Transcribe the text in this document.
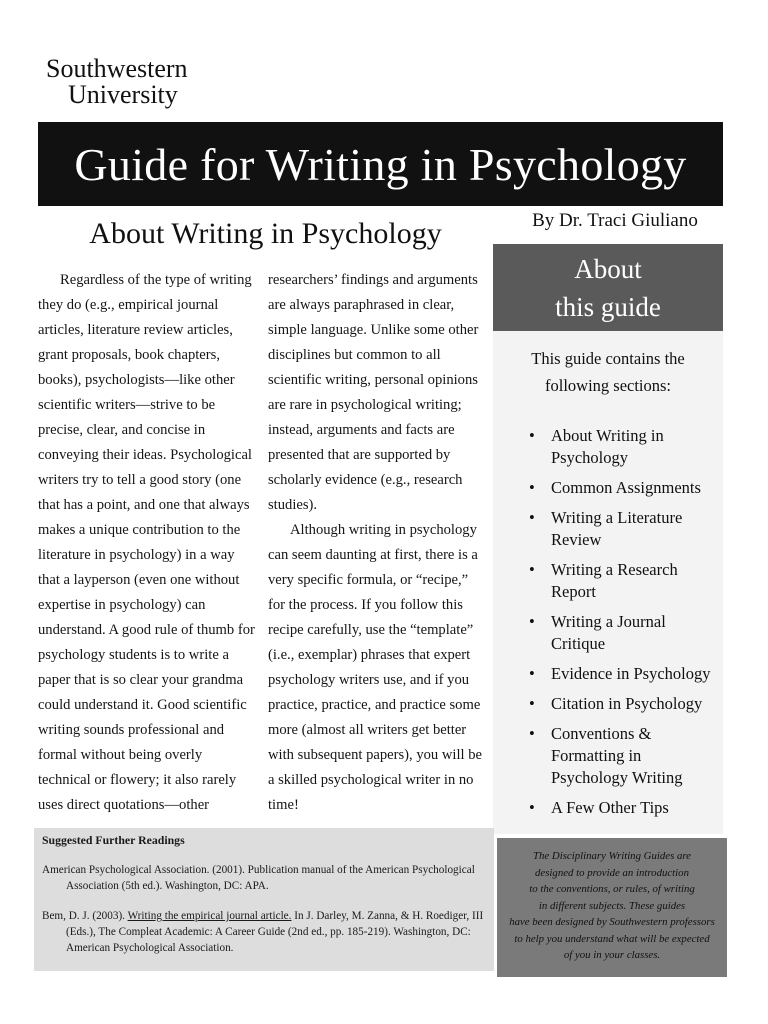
Southwestern
University
Guide for Writing in Psychology
About Writing in Psychology	By Dr. Traci Giuliano

Regardless of the type of writing they do (e.g., empirical journal articles, literature review articles, grant proposals, book chapters, books), psychologists—like other scientific writers—strive to be precise, clear, and concise in conveying their ideas. Psychological writers try to tell a good story (one that has a point, and one that always makes a unique contribution to the literature in psychology) in a way that a layperson (even one without expertise in psychology) can understand. A good rule of thumb for psychology students is to write a paper that is so clear your grandma could understand it. Good scientific writing sounds professional and formal without being overly technical or flowery; it also rarely uses direct quotations—other

researchers’ findings and arguments are always paraphrased in clear, simple language. Unlike some other disciplines but common to all scientific writing, personal opinions are rare in psychological writing; instead, arguments and facts are presented that are supported by scholarly evidence (e.g., research studies).

Although writing in psychology can seem daunting at first, there is a very specific formula, or “recipe,” for the process. If you follow this recipe carefully, use the “template” (i.e., exemplar) phrases that expert psychology writers use, and if you practice, practice, and practice some more (almost all writers get better with subsequent papers), you will be a skilled psychological writer in no time!

About
this guide

This guide contains the following sections:

• About Writing in Psychology
• Common Assignments
• Writing a Literature Review
• Writing a Research Report
• Writing a Journal Critique
• Evidence in Psychology
• Citation in Psychology
• Conventions & Formatting in Psychology Writing
• A Few Other Tips
Suggested Further Readings

American Psychological Association. (2001). Publication manual of the American Psychological Association (5th ed.). Washington, DC: APA.

Bem, D. J. (2003). Writing the empirical journal article. In J. Darley, M. Zanna, & H. Roediger, III (Eds.), The Compleat Academic: A Career Guide (2nd ed., pp. 185-219). Washington, DC: American Psychological Association.

The Disciplinary Writing Guides are
designed to provide an introduction
to the conventions, or rules, of writing
in different subjects. These guides
have been designed by Southwestern professors
to help you understand what will be expected
of you in your classes.
